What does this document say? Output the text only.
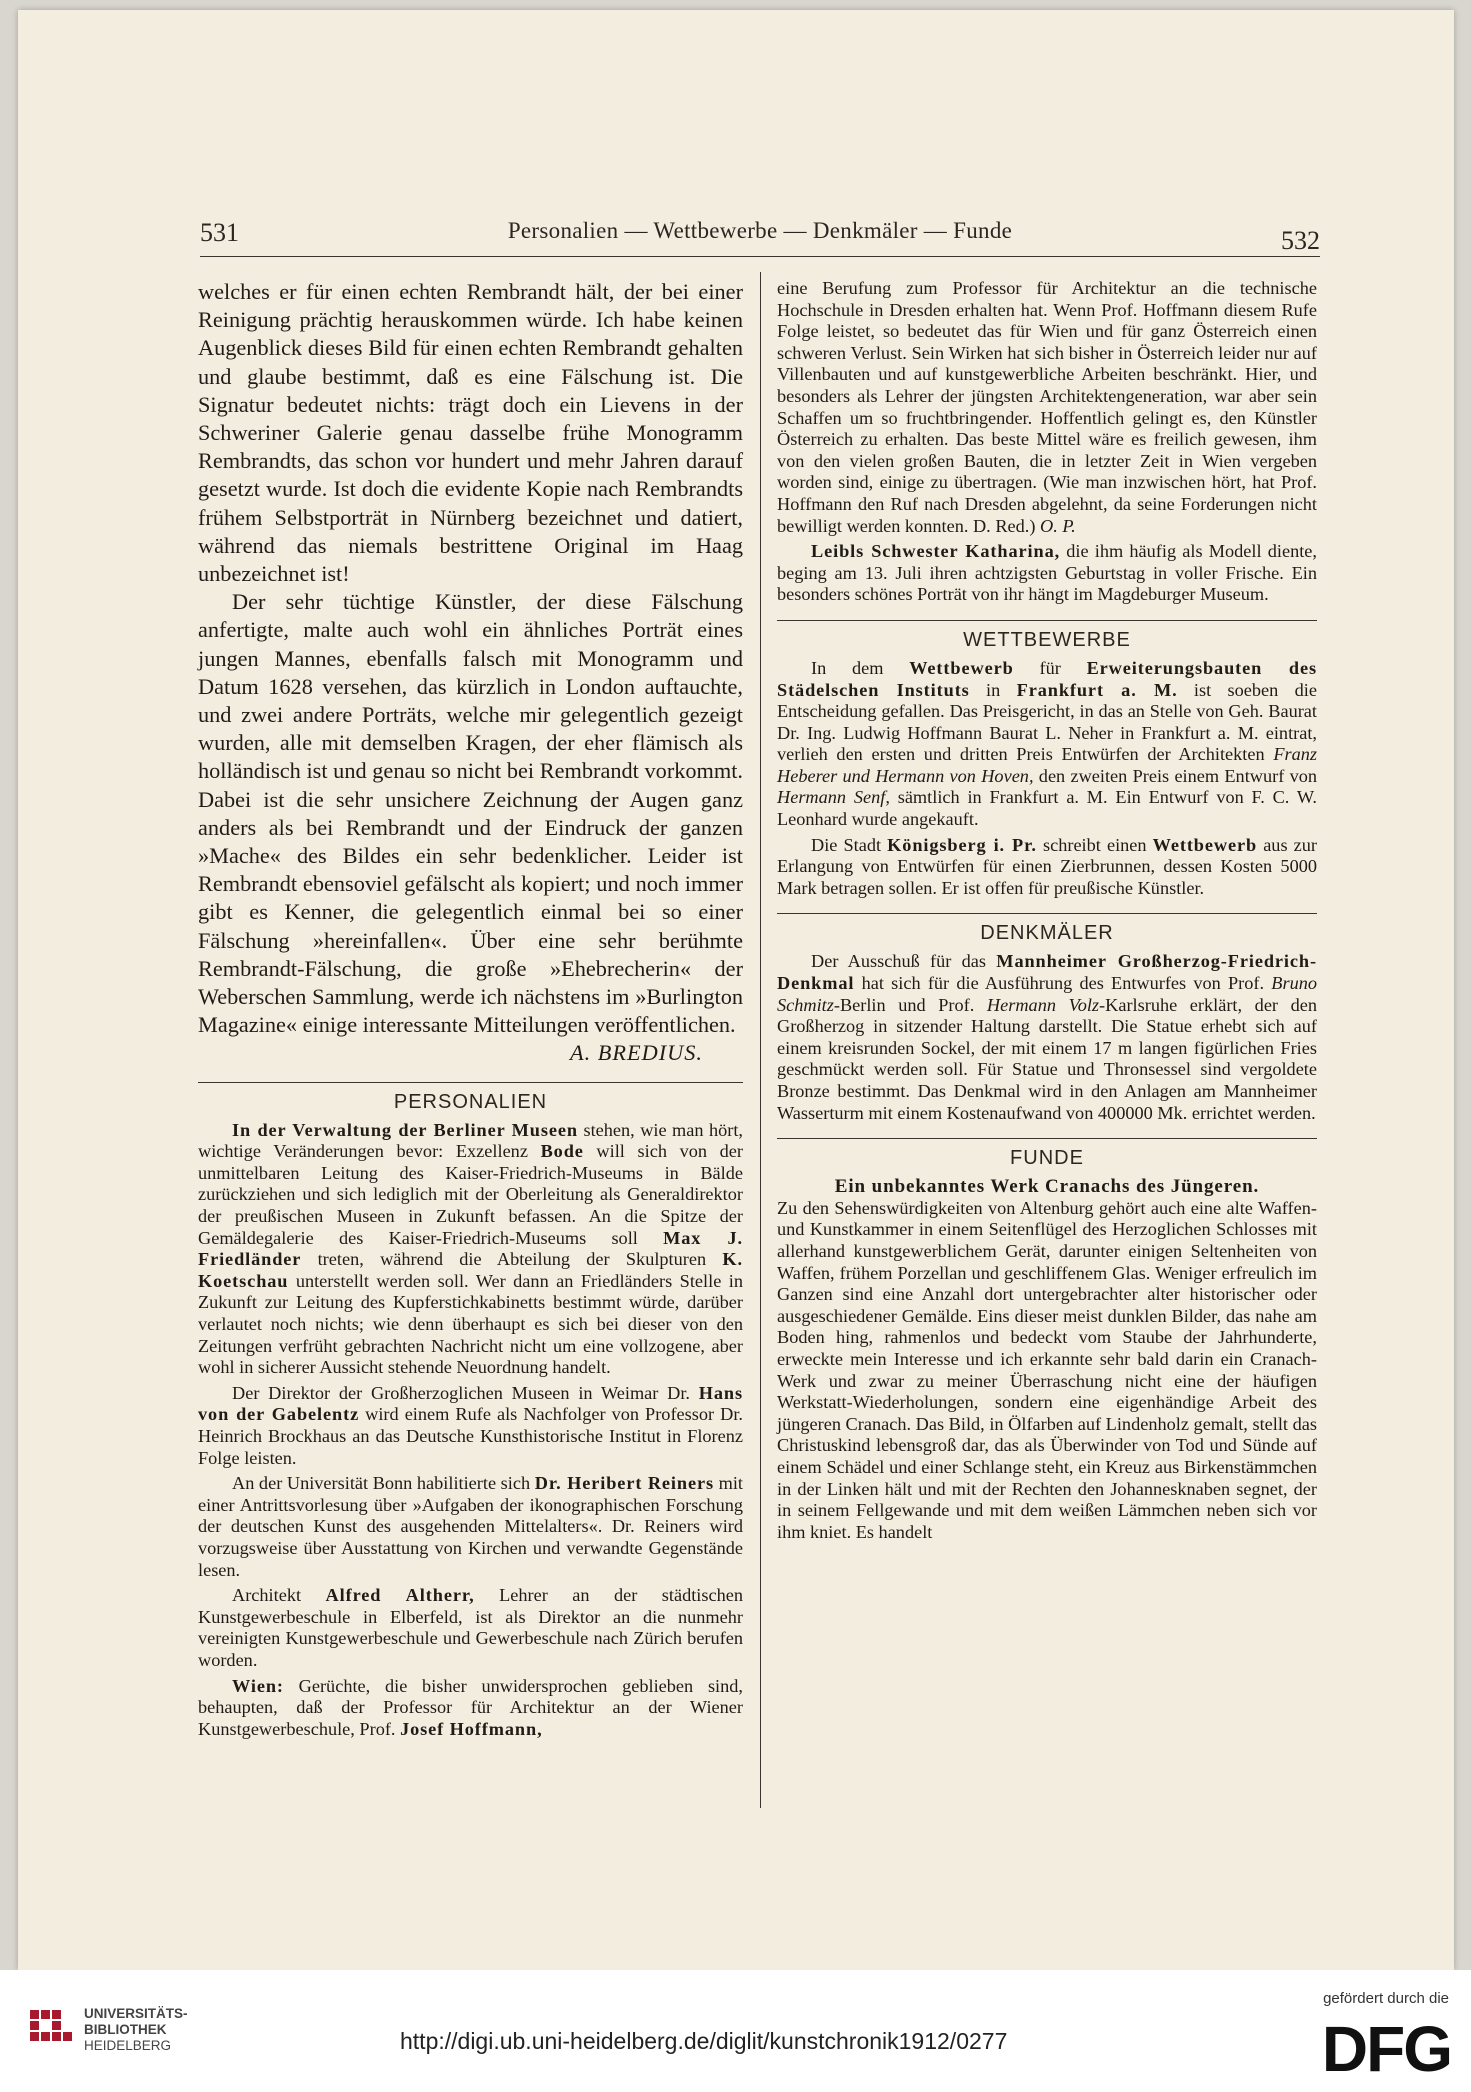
531	Personalien — Wettbewerbe — Denkmäler — Funde	532

welches er für einen echten Rembrandt hält, der bei einer Reinigung prächtig herauskommen würde. Ich habe keinen Augenblick dieses Bild für einen echten Rembrandt gehalten und glaube bestimmt, daß es eine Fälschung ist. Die Signatur bedeutet nichts: trägt doch ein Lievens in der Schweriner Galerie genau dasselbe frühe Monogramm Rembrandts, das schon vor hundert und mehr Jahren darauf gesetzt wurde. Ist doch die evidente Kopie nach Rembrandts frühem Selbstporträt in Nürnberg bezeichnet und datiert, während das niemals bestrittene Original im Haag unbezeichnet ist!

Der sehr tüchtige Künstler, der diese Fälschung anfertigte, malte auch wohl ein ähnliches Porträt eines jungen Mannes, ebenfalls falsch mit Monogramm und Datum 1628 versehen, das kürzlich in London auftauchte, und zwei andere Porträts, welche mir gelegentlich gezeigt wurden, alle mit demselben Kragen, der eher flämisch als holländisch ist und genau so nicht bei Rembrandt vorkommt. Dabei ist die sehr unsichere Zeichnung der Augen ganz anders als bei Rembrandt und der Eindruck der ganzen »Mache« des Bildes ein sehr bedenklicher. Leider ist Rembrandt ebensoviel gefälscht als kopiert; und noch immer gibt es Kenner, die gelegentlich einmal bei so einer Fälschung »hereinfallen«. Über eine sehr berühmte Rembrandt-Fälschung, die große »Ehebrecherin« der Weberschen Sammlung, werde ich nächstens im »Burlington Magazine« einige interessante Mitteilungen veröffentlichen.

A. BREDIUS.
PERSONALIEN

In der Verwaltung der Berliner Museen stehen, wie man hört, wichtige Veränderungen bevor: Exzellenz Bode will sich von der unmittelbaren Leitung des Kaiser-Friedrich-Museums in Bälde zurückziehen und sich lediglich mit der Oberleitung als Generaldirektor der preußischen Museen in Zukunft befassen. An die Spitze der Gemäldegalerie des Kaiser-Friedrich-Museums soll Max J. Friedländer treten, während die Abteilung der Skulpturen K. Koetschau unterstellt werden soll. Wer dann an Friedländers Stelle in Zukunft zur Leitung des Kupferstichkabinetts bestimmt würde, darüber verlautet noch nichts; wie denn überhaupt es sich bei dieser von den Zeitungen verfrüht gebrachten Nachricht nicht um eine vollzogene, aber wohl in sicherer Aussicht stehende Neuordnung handelt.

Der Direktor der Großherzoglichen Museen in Weimar Dr. Hans von der Gabelentz wird einem Rufe als Nachfolger von Professor Dr. Heinrich Brockhaus an das Deutsche Kunsthistorische Institut in Florenz Folge leisten.

An der Universität Bonn habilitierte sich Dr. Heribert Reiners mit einer Antrittsvorlesung über »Aufgaben der ikonographischen Forschung der deutschen Kunst des ausgehenden Mittelalters«. Dr. Reiners wird vorzugsweise über Ausstattung von Kirchen und verwandte Gegenstände lesen.

Architekt Alfred Altherr, Lehrer an der städtischen Kunstgewerbeschule in Elberfeld, ist als Direktor an die nunmehr vereinigten Kunstgewerbeschule und Gewerbeschule nach Zürich berufen worden.

Wien: Gerüchte, die bisher unwidersprochen geblieben sind, behaupten, daß der Professor für Architektur an der Wiener Kunstgewerbeschule, Prof. Josef Hoffmann,

eine Berufung zum Professor für Architektur an die technische Hochschule in Dresden erhalten hat. Wenn Prof. Hoffmann diesem Rufe Folge leistet, so bedeutet das für Wien und für ganz Österreich einen schweren Verlust. Sein Wirken hat sich bisher in Österreich leider nur auf Villenbauten und auf kunstgewerbliche Arbeiten beschränkt. Hier, und besonders als Lehrer der jüngsten Architektengeneration, war aber sein Schaffen um so fruchtbringender. Hoffentlich gelingt es, den Künstler Österreich zu erhalten. Das beste Mittel wäre es freilich gewesen, ihm von den vielen großen Bauten, die in letzter Zeit in Wien vergeben worden sind, einige zu übertragen. (Wie man inzwischen hört, hat Prof. Hoffmann den Ruf nach Dresden abgelehnt, da seine Forderungen nicht bewilligt werden konnten. D. Red.) O. P.

Leibls Schwester Katharina, die ihm häufig als Modell diente, beging am 13. Juli ihren achtzigsten Geburtstag in voller Frische. Ein besonders schönes Porträt von ihr hängt im Magdeburger Museum.

WETTBEWERBE

In dem Wettbewerb für Erweiterungsbauten des Städelschen Instituts in Frankfurt a. M. ist soeben die Entscheidung gefallen. Das Preisgericht, in das an Stelle von Geh. Baurat Dr. Ing. Ludwig Hoffmann Baurat L. Neher in Frankfurt a. M. eintrat, verlieh den ersten und dritten Preis Entwürfen der Architekten Franz Heberer und Hermann von Hoven, den zweiten Preis einem Entwurf von Hermann Senf, sämtlich in Frankfurt a. M. Ein Entwurf von F. C. W. Leonhard wurde angekauft.

Die Stadt Königsberg i. Pr. schreibt einen Wettbewerb aus zur Erlangung von Entwürfen für einen Zierbrunnen, dessen Kosten 5000 Mark betragen sollen. Er ist offen für preußische Künstler.

DENKMÄLER

Der Ausschuß für das Mannheimer Großherzog-Friedrich-Denkmal hat sich für die Ausführung des Entwurfes von Prof. Bruno Schmitz-Berlin und Prof. Hermann Volz-Karlsruhe erklärt, der den Großherzog in sitzender Haltung darstellt. Die Statue erhebt sich auf einem kreisrunden Sockel, der mit einem 17 m langen figürlichen Fries geschmückt werden soll. Für Statue und Thronsessel sind vergoldete Bronze bestimmt. Das Denkmal wird in den Anlagen am Mannheimer Wasserturm mit einem Kostenaufwand von 400000 Mk. errichtet werden.

FUNDE

Ein unbekanntes Werk Cranachs des Jüngeren.

Zu den Sehenswürdigkeiten von Altenburg gehört auch eine alte Waffen- und Kunstkammer in einem Seitenflügel des Herzoglichen Schlosses mit allerhand kunstgewerblichem Gerät, darunter einigen Seltenheiten von Waffen, frühem Porzellan und geschliffenem Glas. Weniger erfreulich im Ganzen sind eine Anzahl dort untergebrachter alter historischer oder ausgeschiedener Gemälde. Eins dieser meist dunklen Bilder, das nahe am Boden hing, rahmenlos und bedeckt vom Staube der Jahrhunderte, erweckte mein Interesse und ich erkannte sehr bald darin ein Cranach-Werk und zwar zu meiner Überraschung nicht eine der häufigen Werkstatt-Wiederholungen, sondern eine eigenhändige Arbeit des jüngeren Cranach. Das Bild, in Ölfarben auf Lindenholz gemalt, stellt das Christuskind lebensgroß dar, das als Überwinder von Tod und Sünde auf einem Schädel und einer Schlange steht, ein Kreuz aus Birkenstämmchen in der Linken hält und mit der Rechten den Johannesknaben segnet, der in seinem Fellgewande und mit dem weißen Lämmchen neben sich vor ihm kniet. Es handelt

UNIVERSITÄTS-
BIBLIOTHEK
HEIDELBERG	http://digi.ub.uni-heidelberg.de/diglit/kunstchronik1912/0277
gefördert durch die
DFG
